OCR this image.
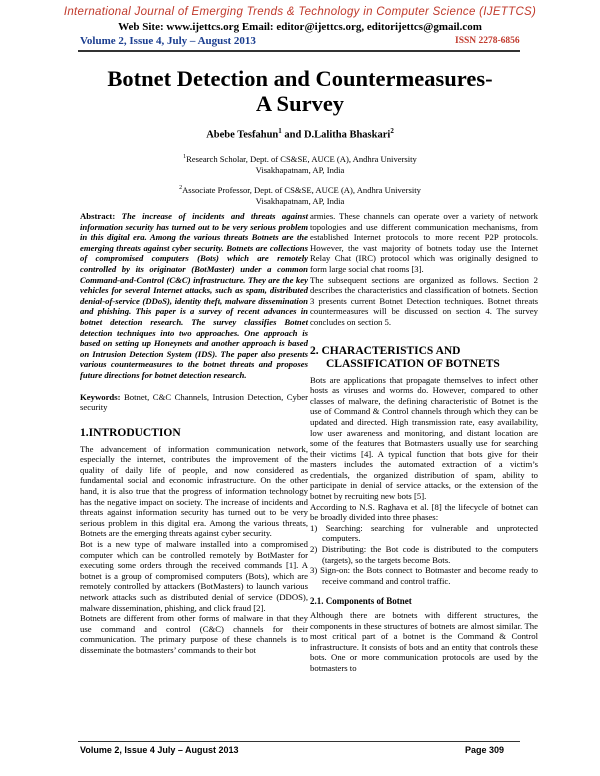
International Journal of Emerging Trends & Technology in Computer Science (IJETTCS)
Web Site: www.ijettcs.org Email: editor@ijettcs.org, editorijettcs@gmail.com
Volume 2, Issue 4, July – August 2013	ISSN 2278-6856
Botnet Detection and Countermeasures-
A Survey
Abebe Tesfahun$^1$ and D.Lalitha Bhaskari$^2$
$^1$Research Scholar, Dept. of CS&SE, AUCE (A), Andhra University
Visakhapatnam, AP, India
$^2$Associate Professor, Dept. of CS&SE, AUCE (A), Andhra University
Visakhapatnam, AP, India

Abstract: The increase of incidents and threats against information security has turned out to be very serious problem in this digital era. Among the various threats Botnets are the emerging threats against cyber security. Botnets are collections of compromised computers (Bots) which are remotely controlled by its originator (BotMaster) under a common Command-and-Control (C&C) infrastructure. They are the key vehicles for several Internet attacks, such as spam, distributed denial-of-service (DDoS), identity theft, malware dissemination and phishing. This paper is a survey of recent advances in botnet detection research. The survey classifies Botnet detection techniques into two approaches. One approach is based on setting up Honeynets and another approach is based on Intrusion Detection System (IDS). The paper also presents various countermeasures to the botnet threats and proposes future directions for botnet detection research.

Keywords: Botnet, C&C Channels, Intrusion Detection, Cyber security

1.INTRODUCTION

The advancement of information communication network, especially the internet, contributes the improvement of the quality of daily life of people, and now considered as fundamental social and economic infrastructure. On the other hand, it is also true that the progress of information technology has the negative impact on society. The increase of incidents and threats against information security has turned out to be very serious problem in this digital era. Among the various threats, Botnets are the emerging threats against cyber security.

Bot is a new type of malware installed into a compromised computer which can be controlled remotely by BotMaster for executing some orders through the received commands [1]. A botnet is a group of compromised computers (Bots), which are remotely controlled by attackers (BotMasters) to launch various network attacks such as distributed denial of service (DDOS), malware dissemination, phishing, and click fraud [2].

Botnets are different from other forms of malware in that they use command and control (C&C) channels for their communication. The primary purpose of these channels is to disseminate the botmasters’ commands to their bot

armies. These channels can operate over a variety of network topologies and use different communication mechanisms, from established Internet protocols to more recent P2P protocols. However, the vast majority of botnets today use the Internet Relay Chat (IRC) protocol which was originally designed to form large social chat rooms [3].

The subsequent sections are organized as follows. Section 2 describes the characteristics and classification of botnets. Section 3 presents current Botnet Detection techniques. Botnet threats countermeasures will be discussed on section 4. The survey concludes on section 5.

2. CHARACTERISTICS AND
CLASSIFICATION OF BOTNETS

Bots are applications that propagate themselves to infect other hosts as viruses and worms do. However, compared to other classes of malware, the defining characteristic of Botnet is the use of Command & Control channels through which they can be updated and directed. High transmission rate, easy availability, low user awareness and monitoring, and distant location are some of the features that Botmasters usually use for searching their victims [4]. A typical function that bots give for their masters includes the automated extraction of a victim’s credentials, the organized distribution of spam, ability to participate in denial of service attacks, or the extension of the botnet by recruiting new bots [5].

According to N.S. Raghava et al. [8] the lifecycle of botnet can be broadly divided into three phases:

1) Searching: searching for vulnerable and unprotected computers.
2) Distributing: the Bot code is distributed to the computers (targets), so the targets become Bots.
3) Sign-on: the Bots connect to Botmaster and become ready to receive command and control traffic.
2.1. Components of Botnet

Although there are botnets with different structures, the components in these structures of botnets are almost similar. The most critical part of a botnet is the Command & Control infrastructure. It consists of bots and an entity that controls these bots. One or more communication protocols are used by the botmasters to

Volume 2, Issue 4 July – August 2013	Page 309
